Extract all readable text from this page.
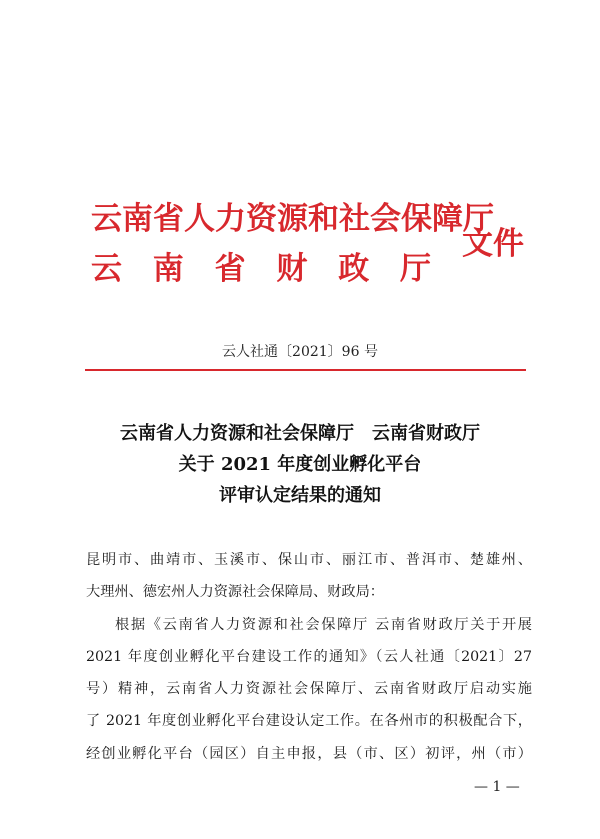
云南省人力资源和社会保障厅
云 南 省 财 政 厅
文件
云人社通〔2021〕96 号
云南省人力资源和社会保障厅　云南省财政厅
关于 2021 年度创业孵化平台
评审认定结果的通知

昆明市、曲靖市、玉溪市、保山市、丽江市、普洱市、楚雄州、

大理州、德宏州人力资源社会保障局、财政局：

根据《云南省人力资源和社会保障厅 云南省财政厅关于开展

2021 年度创业孵化平台建设工作的通知》（云人社通〔2021〕27

号）精神，云南省人力资源社会保障厅、云南省财政厅启动实施

了 2021 年度创业孵化平台建设认定工作。在各州市的积极配合下，

经创业孵化平台（园区）自主申报，县（市、区）初评，州（市）

— 1 —
